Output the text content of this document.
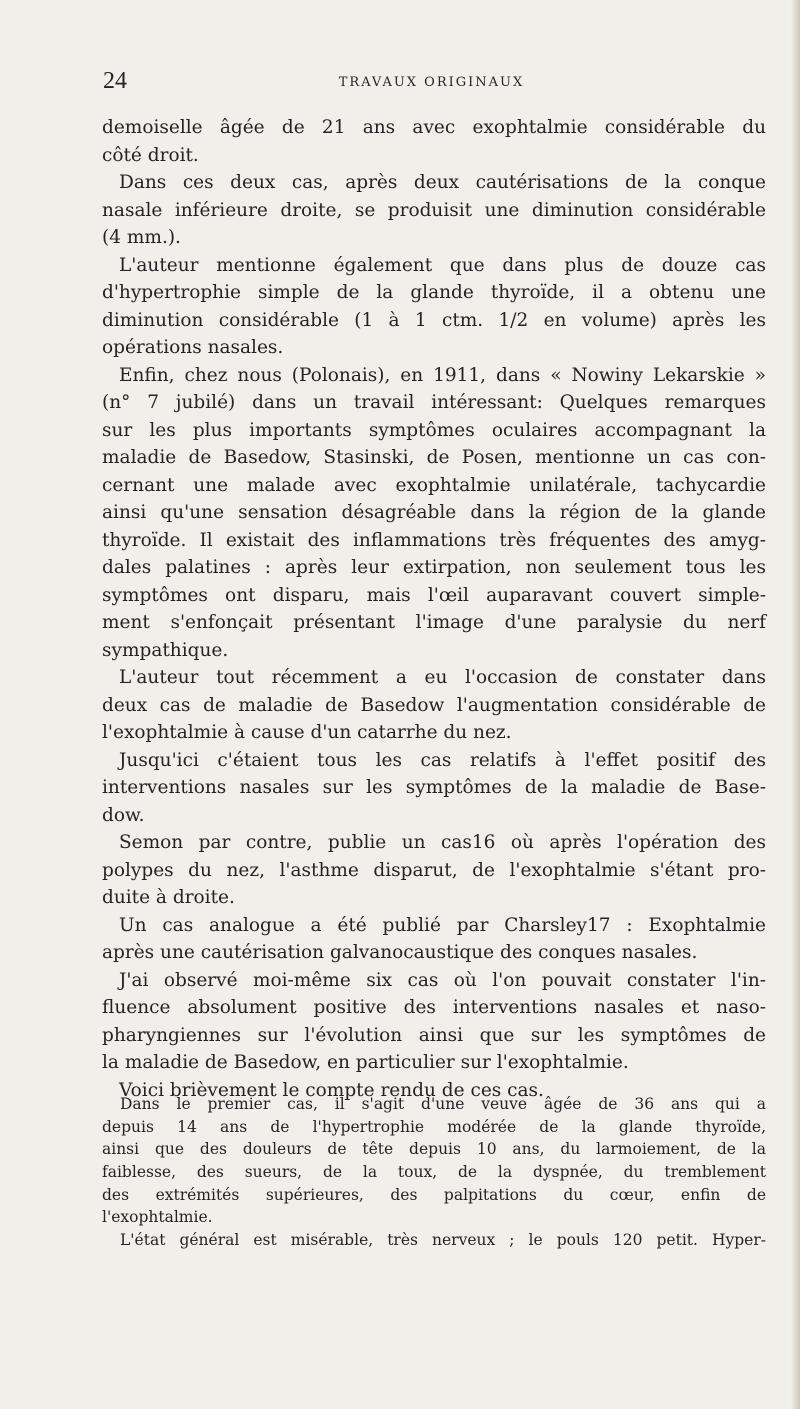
24	TRAVAUX ORIGINAUX
demoiselle âgée de 21 ans avec exophtalmie considérable du
côté droit.
Dans ces deux cas, après deux cautérisations de la conque
nasale inférieure droite, se produisit une diminution considérable
(4 mm.).
L'auteur mentionne également que dans plus de douze cas
d'hypertrophie simple de la glande thyroïde, il a obtenu une
diminution considérable (1 à 1 ctm. 1/2 en volume) après les
opérations nasales.
Enfin, chez nous (Polonais), en 1911, dans « Nowiny Lekarskie »
(n° 7 jubilé) dans un travail intéressant: Quelques remarques
sur les plus importants symptômes oculaires accompagnant la
maladie de Basedow, Stasinski, de Posen, mentionne un cas con-
cernant une malade avec exophtalmie unilatérale, tachycardie
ainsi qu'une sensation désagréable dans la région de la glande
thyroïde. Il existait des inflammations très fréquentes des amyg-
dales palatines : après leur extirpation, non seulement tous les
symptômes ont disparu, mais l'œil auparavant couvert simple-
ment s'enfonçait présentant l'image d'une paralysie du nerf
sympathique.
L'auteur tout récemment a eu l'occasion de constater dans
deux cas de maladie de Basedow l'augmentation considérable de
l'exophtalmie à cause d'un catarrhe du nez.
Jusqu'ici c'étaient tous les cas relatifs à l'effet positif des
interventions nasales sur les symptômes de la maladie de Base-
dow.
Semon par contre, publie un cas16 où après l'opération des
polypes du nez, l'asthme disparut, de l'exophtalmie s'étant pro-
duite à droite.
Un cas analogue a été publié par Charsley17 : Exophtalmie
après une cautérisation galvanocaustique des conques nasales.
J'ai observé moi-même six cas où l'on pouvait constater l'in-
fluence absolument positive des interventions nasales et naso-
pharyngiennes sur l'évolution ainsi que sur les symptômes de
la maladie de Basedow, en particulier sur l'exophtalmie.
Voici brièvement le compte rendu de ces cas.
Dans le premier cas, il s'agit d'une veuve âgée de 36 ans qui a
depuis 14 ans de l'hypertrophie modérée de la glande thyroïde,
ainsi que des douleurs de tête depuis 10 ans, du larmoiement, de la
faiblesse, des sueurs, de la toux, de la dyspnée, du tremblement
des extrémités supérieures, des palpitations du cœur, enfin de
l'exophtalmie.
L'état général est misérable, très nerveux ; le pouls 120 petit. Hyper-
